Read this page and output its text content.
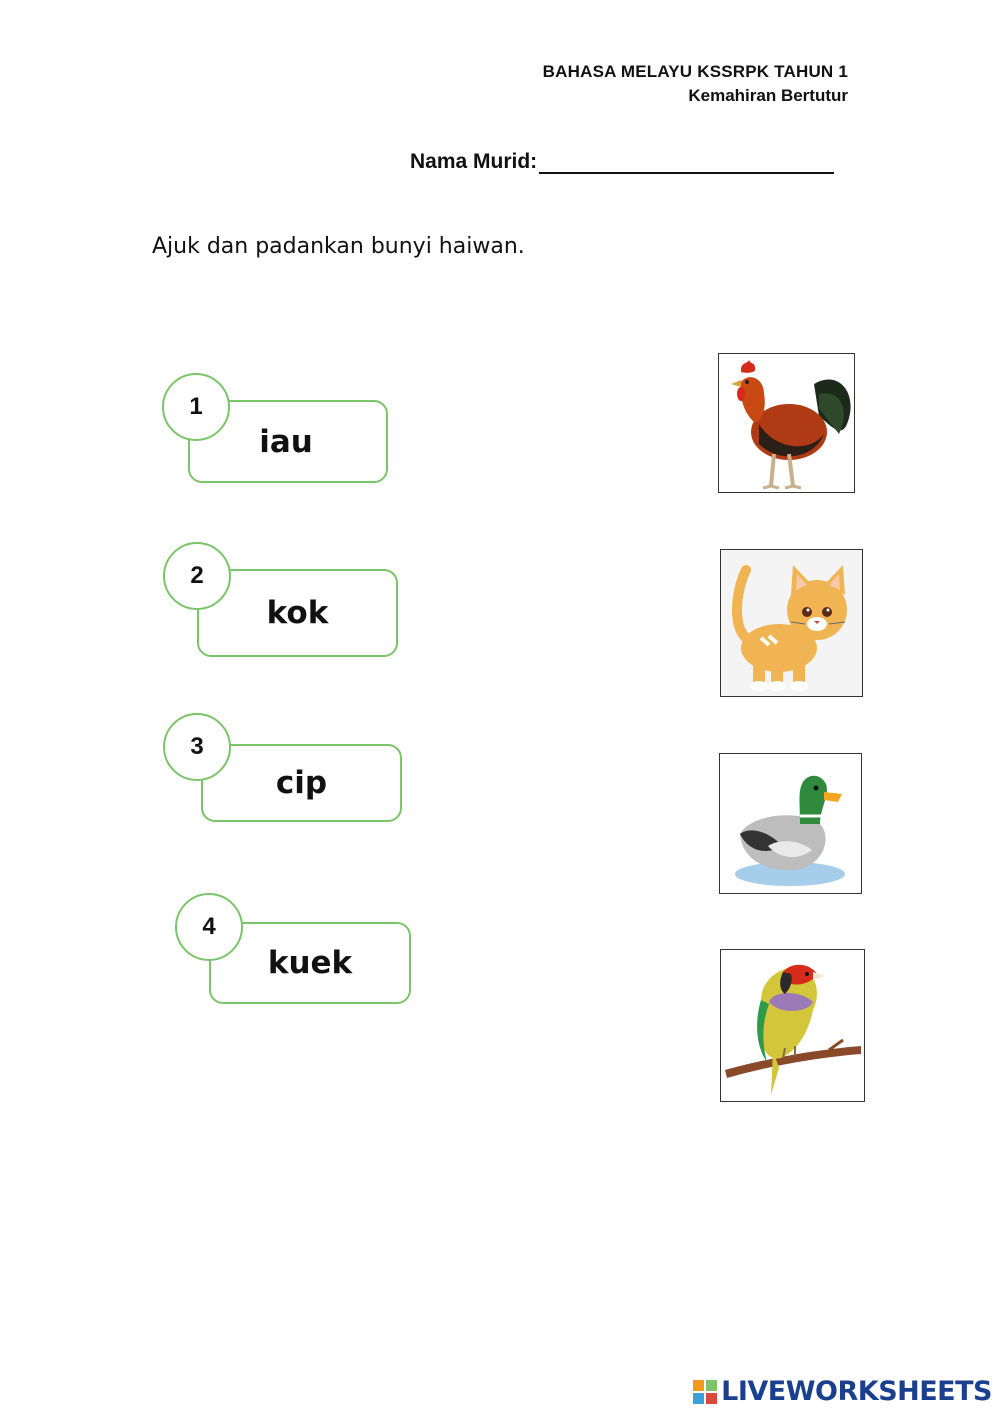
BAHASA MELAYU KSSRPK TAHUN 1
Kemahiran Bertutur
Nama Murid:
Ajuk dan padankan bunyi haiwan.
iau
1
kok
2
cip
3
kuek
4
LIVEWORKSHEETS
